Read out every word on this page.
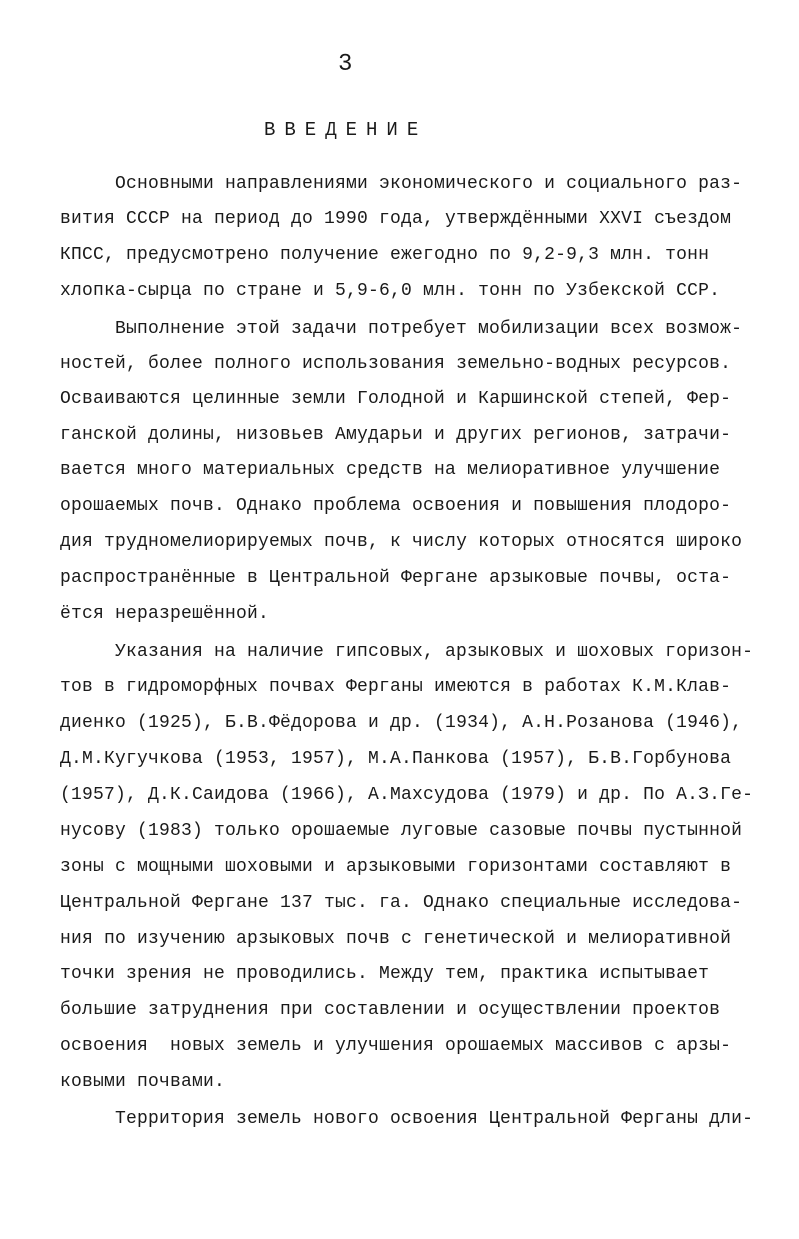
3
ВВЕДЕНИЕ
Основными направлениями экономического и социального раз-
вития СССР на период до 1990 года, утверждёнными XXVI съездом
КПСС, предусмотрено получение ежегодно по 9,2-9,3 млн. тонн
хлопка-сырца по стране и 5,9-6,0 млн. тонн по Узбекской ССР.
Выполнение этой задачи потребует мобилизации всех возмож-
ностей, более полного использования земельно-водных ресурсов.
Осваиваются целинные земли Голодной и Каршинской степей, Фер-
ганской долины, низовьев Амударьи и других регионов, затрачи-
вается много материальных средств на мелиоративное улучшение
орошаемых почв. Однако проблема освоения и повышения плодоро-
дия трудномелиорируемых почв, к числу которых относятся широко
распространённые в Центральной Фергане арзыковые почвы, оста-
ётся неразрешённой.
Указания на наличие гипсовых, арзыковых и шоховых горизон-
тов в гидроморфных почвах Ферганы имеются в работах К.М.Клав-
диенко (1925), Б.В.Фёдорова и др. (1934), А.Н.Розанова (1946),
Д.М.Кугучкова (1953, 1957), М.А.Панкова (1957), Б.В.Горбунова
(1957), Д.К.Саидова (1966), А.Махсудова (1979) и др. По А.З.Ге-
нусову (1983) только орошаемые луговые сазовые почвы пустынной
зоны с мощными шоховыми и арзыковыми горизонтами составляют в
Центральной Фергане 137 тыс. га. Однако специальные исследова-
ния по изучению арзыковых почв с генетической и мелиоративной
точки зрения не проводились. Между тем, практика испытывает
большие затруднения при составлении и осуществлении проектов
освоения  новых земель и улучшения орошаемых массивов с арзы-
ковыми почвами.
Территория земель нового освоения Центральной Ферганы дли-
